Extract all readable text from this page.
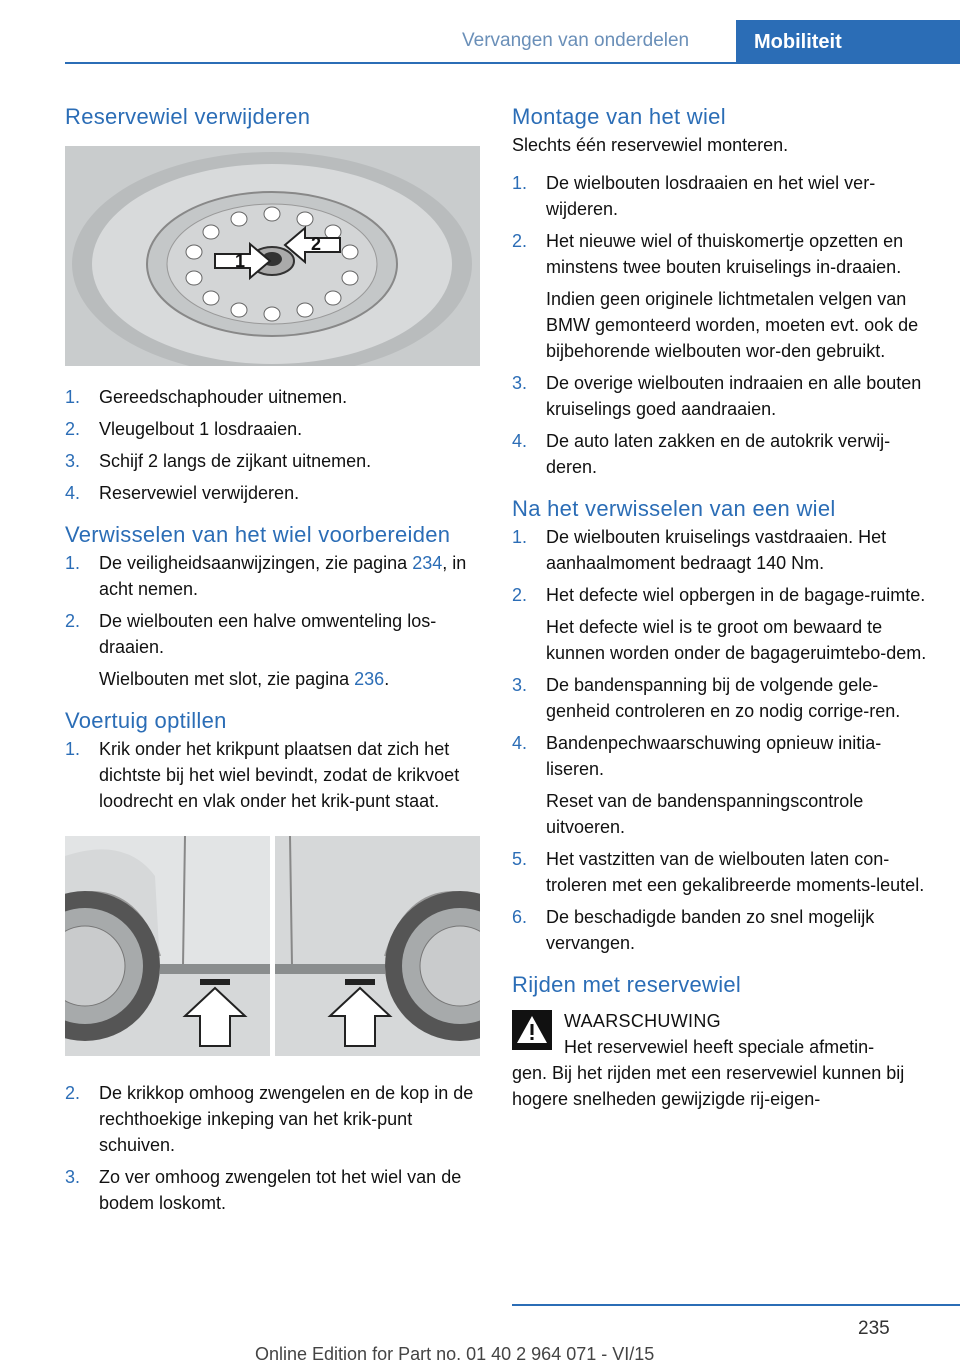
Vervangen van onderdelen	Mobiliteit
Reservewiel verwijderen
1
2
1. Gereedschaphouder uitnemen.
2. Vleugelbout 1 losdraaien.
3. Schijf 2 langs de zijkant uitnemen.
4. Reservewiel verwijderen.
Verwisselen van het wiel voorbereiden
1. De veiligheidsaanwijzingen, zie pagina 234, in acht nemen.
2. De wielbouten een halve omwenteling los-draaien.
Wielbouten met slot, zie pagina 236.
Voertuig optillen
1. Krik onder het krikpunt plaatsen dat zich het dichtste bij het wiel bevindt, zodat de krikvoet loodrecht en vlak onder het krik-punt staat.
2. De krikkop omhoog zwengelen en de kop in de rechthoekige inkeping van het krik-punt schuiven.
3. Zo ver omhoog zwengelen tot het wiel van de bodem loskomt.
Montage van het wiel

Slechts één reservewiel monteren.

1. De wielbouten losdraaien en het wiel ver-wijderen.
2. Het nieuwe wiel of thuiskomertje opzetten en minstens twee bouten kruiselings in-draaien.
Indien geen originele lichtmetalen velgen van BMW gemonteerd worden, moeten evt. ook de bijbehorende wielbouten wor-den gebruikt.
3. De overige wielbouten indraaien en alle bouten kruiselings goed aandraaien.
4. De auto laten zakken en de autokrik verwij-deren.
Na het verwisselen van een wiel
1. De wielbouten kruiselings vastdraaien. Het aanhaalmoment bedraagt 140 Nm.
2. Het defecte wiel opbergen in de bagage-ruimte.
Het defecte wiel is te groot om bewaard te kunnen worden onder de bagageruimtebo-dem.
3. De bandenspanning bij de volgende gele-genheid controleren en zo nodig corrige-ren.
4. Bandenpechwaarschuwing opnieuw initia-liseren.
Reset van de bandenspanningscontrole uitvoeren.
5. Het vastzitten van de wielbouten laten con-troleren met een gekalibreerde moments-leutel.
6. De beschadigde banden zo snel mogelijk vervangen.
Rijden met reservewiel
WAARSCHUWING
Het reservewiel heeft speciale afmetin-
gen. Bij het rijden met een reservewiel kunnen bij hogere snelheden gewijzigde rij-eigen-
235
Online Edition for Part no. 01 40 2 964 071 - VI/15
